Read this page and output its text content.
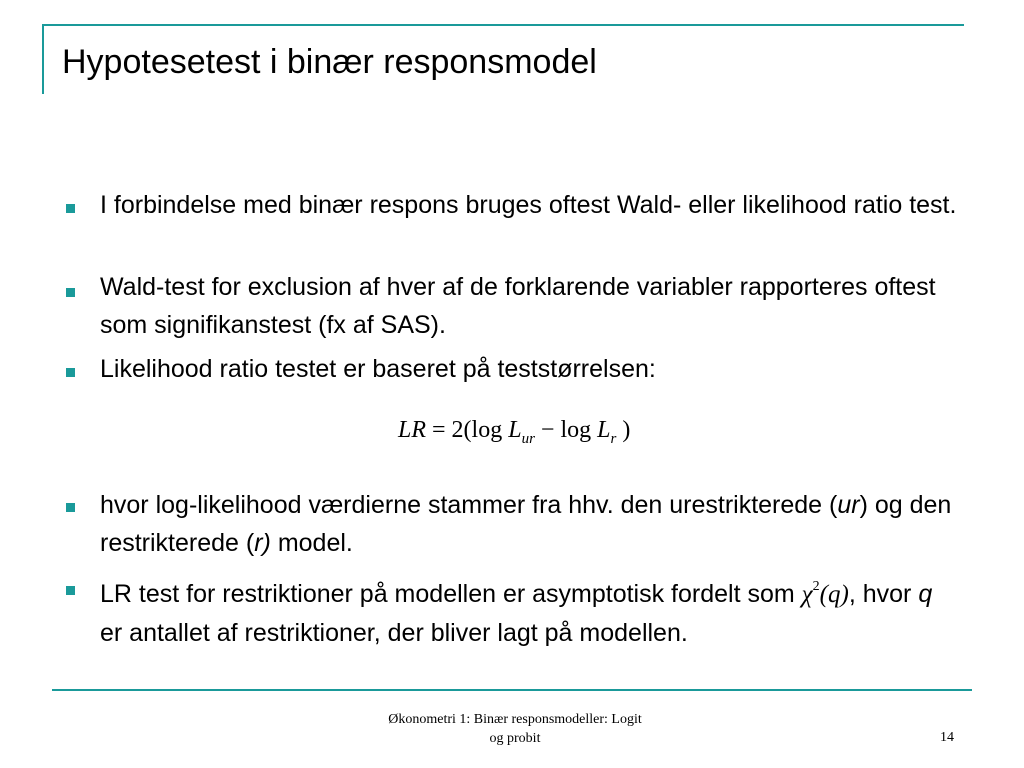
Hypotesetest i binær responsmodel
I forbindelse med binær respons bruges oftest Wald- eller likelihood ratio test.
Wald-test for exclusion af hver af de forklarende variabler rapporteres oftest som signifikanstest (fx af SAS).
Likelihood ratio testet er baseret på teststørrelsen:
LR = 2(log $L_{ur} - \log L_r$ )
hvor log-likelihood værdierne stammer fra hhv. den urestrikterede (ur) og den restrikterede (r) model.
LR test for restriktioner på modellen er asymptotisk fordelt som $\chi^2(q)$, hvor q er antallet af restriktioner, der bliver lagt på modellen.
Økonometri 1: Binær responsmodeller: Logit
og probit	14
